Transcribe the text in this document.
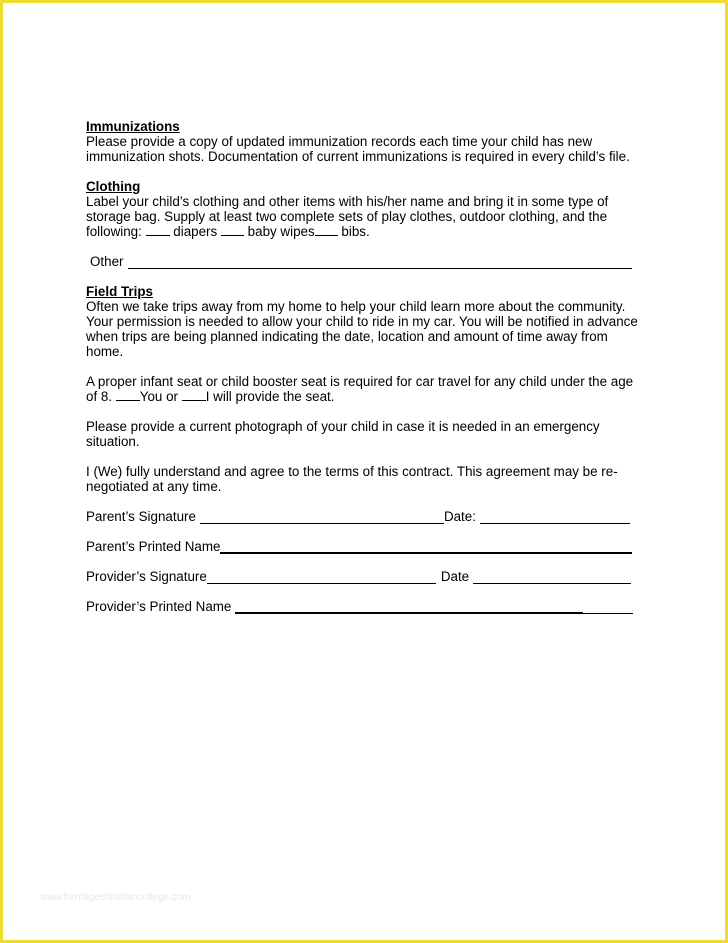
Immunizations

Please provide a copy of updated immunization records each time your child has new immunization shots. Documentation of current immunizations is required in every child’s file.

Clothing

Label your child’s clothing and other items with his/her name and bring it in some type of storage bag. Supply at least two complete sets of play clothes, outdoor clothing, and the following:  diapers baby wipes bibs.

Other

Field Trips

Often we take trips away from my home to help your child learn more about the community. Your permission is needed to allow your child to ride in my car. You will be notified in advance when trips are being planned indicating the date, location and amount of time away from home.

A proper infant seat or child booster seat is required for car travel for any child under the age of 8. You or I will provide the seat.

Please provide a current photograph of your child in case it is needed in an emergency situation.

I (We) fully understand and agree to the terms of this contract. This agreement may be re-negotiated at any time.

Parent’s Signature	Date:
Parent’s Printed Name
Provider’s Signature	Date
Provider’s Printed Name
www.heritagechristiancollege.com
